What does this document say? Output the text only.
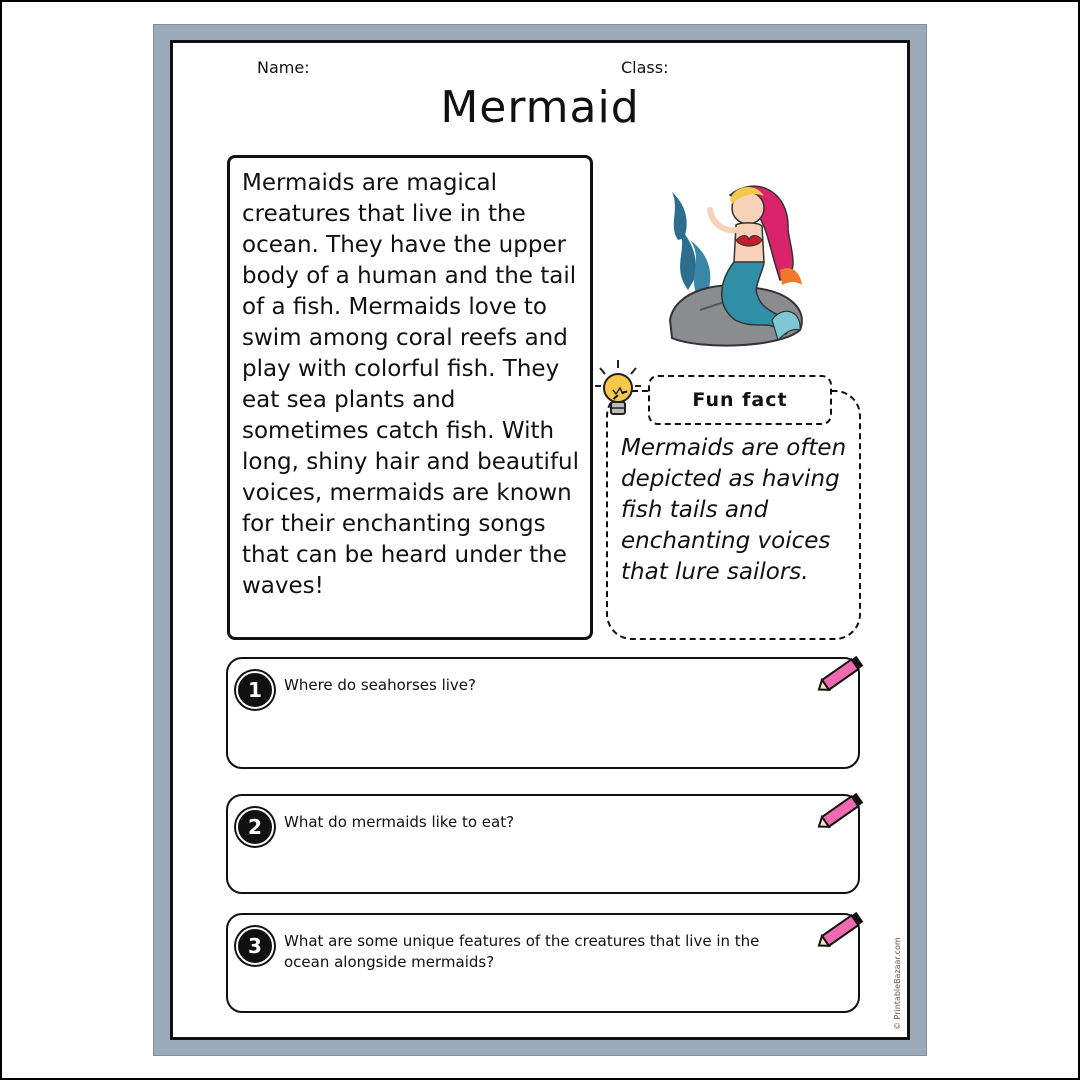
Name:	Class:
Mermaid
Mermaids are magical creatures that live in the ocean. They have the upper body of a human and the tail of a fish. Mermaids love to swim among coral reefs and play with colorful fish. They eat sea plants and sometimes catch fish. With long, shiny hair and beautiful voices, mermaids are known for their enchanting songs that can be heard under the waves!
Fun fact
Mermaids are often depicted as having fish tails and enchanting voices that lure sailors.
1	Where do seahorses live?
2	What do mermaids like to eat?
3	What are some unique features of the creatures that live in the ocean alongside mermaids?	© PrintableBazaar.com
